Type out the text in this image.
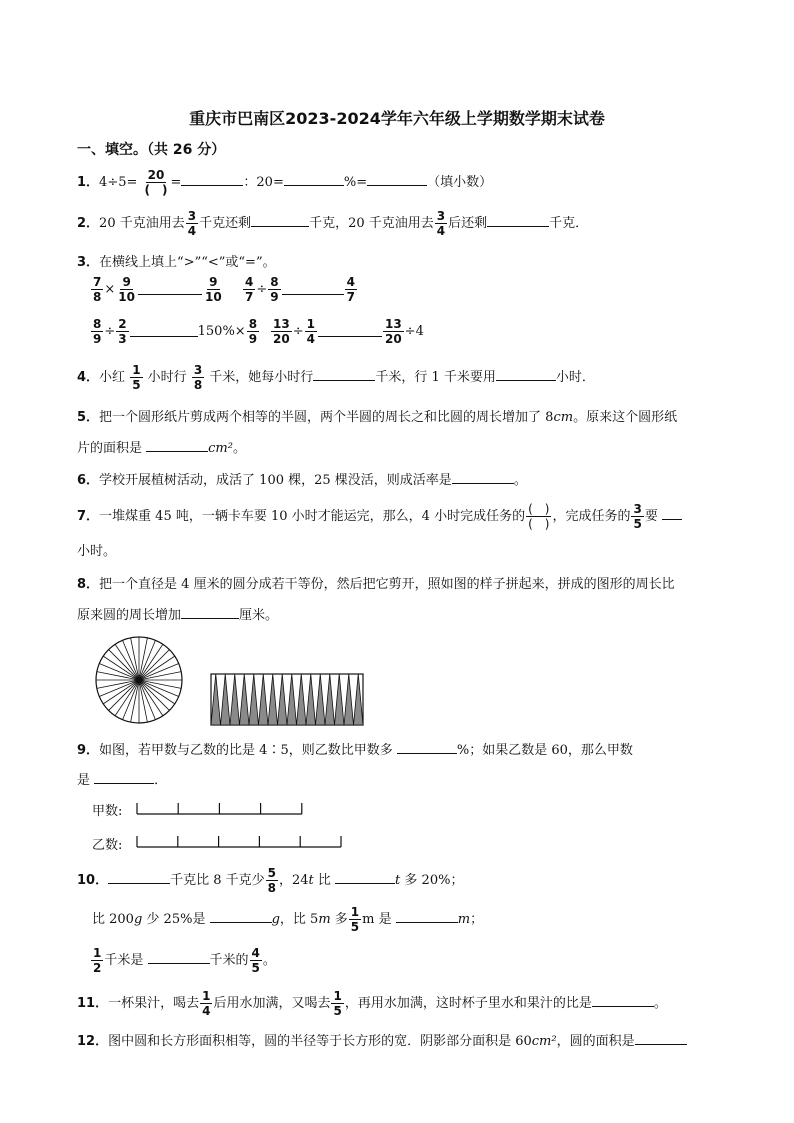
重庆市巴南区2023-2024学年六年级上学期数学期末试卷
一、填空。（共 26 分）
1．$4\div 5= \frac{20}{( )}$ =	：20=	%=	（填小数）
2．20 千克油用去 $\frac{3}{4}$ 千克还剩	千克，20 千克油用去 $\frac{3}{4}$ 后还剩	千克．
3．在横线上填上“>”“<”或“=”。
$\frac{7}{8} \times \frac{9}{10}$	$\frac{9}{10} \frac{4}{7} \div \frac{8}{9}$	$\frac{4}{7}$
$\frac{8}{9} \div \frac{2}{3}$	$150\%\times \frac{8}{9} \frac{13}{20} \div \frac{1}{4}$	$\frac{13}{20} \div 4$
4．小红 $\frac{1}{5}$ 小时行 $\frac{3}{8}$ 千米，她每小时行	千米，行 1 千米要用	小时．
5．把一个圆形纸片剪成两个相等的半圆，两个半圆的周长之和比圆的周长增加了 8cm。原来这个圆形纸
片的面积是	cm²。
6．学校开展植树活动，成活了 100 棵，25 棵没活，则成活率是	。
7．一堆煤重 45 吨，一辆卡车要 10 小时才能运完，那么，4 小时完成任务的 $\frac{( )}{( )}$ ，完成任务的 $\frac{3}{5}$ 要
小时。
8．把一个直径是 4 厘米的圆分成若干等份，然后把它剪开，照如图的样子拼起来，拼成的图形的周长比
原来圆的周长增加	厘米。
9．如图，若甲数与乙数的比是 4∶5，则乙数比甲数多	%；如果乙数是 60，那么甲数
是	．
甲数:
乙数:
10．	千克比 8 千克少 $\frac{5}{8}$ ，24t 比	t 多 20%；
比 200g 少 25%是	g，比 5m 多 $\frac{1}{5}$ m 是	m；
$\frac{1}{2}$ 千米是	千米的 $\frac{4}{5}$ 。
11．一杯果汁，喝去 $\frac{1}{4}$ 后用水加满，又喝去 $\frac{1}{5}$ ，再用水加满，这时杯子里水和果汁的比是	。
12．图中圆和长方形面积相等，圆的半径等于长方形的宽．阴影部分面积是 60cm²，圆的面积是
